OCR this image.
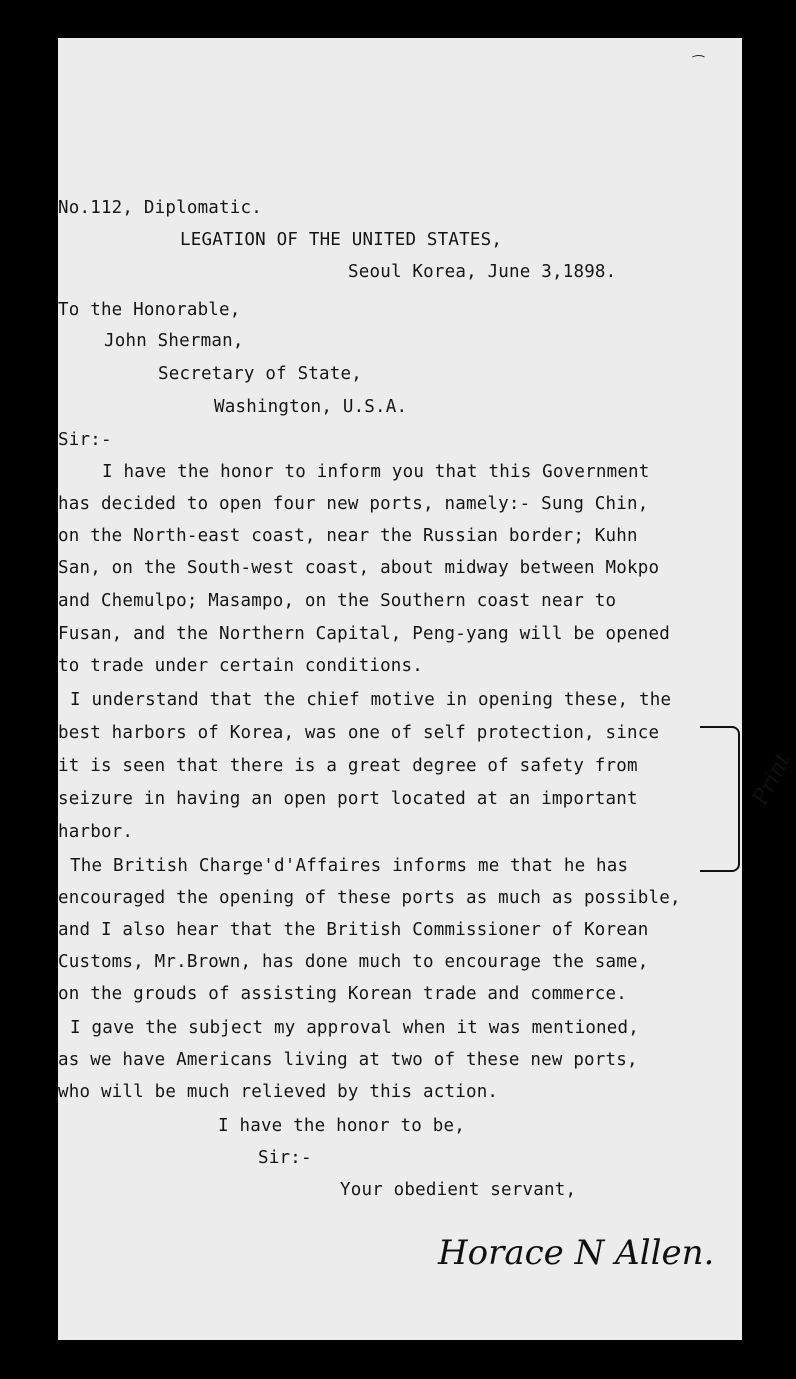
No.112, Diplomatic.
LEGATION OF THE UNITED STATES,
Seoul Korea, June 3,1898.
To the Honorable,
John Sherman,
Secretary of State,
Washington, U.S.A.
Sir:-
I have the honor to inform you that this Government
has decided to open four new ports, namely:- Sung Chin,
on the North-east coast, near the Russian border; Kuhn
San, on the South-west coast, about midway between Mokpo
and Chemulpo; Masampo, on the Southern coast near to
Fusan, and the Northern Capital, Peng-yang will be opened
to trade under certain conditions.
I understand that the chief motive in opening these, the
best harbors of Korea, was one of self protection, since
it is seen that there is a great degree of safety from
seizure in having an open port located at an important
harbor.
The British Charge'd'Affaires informs me that he has
encouraged the opening of these ports as much as possible,
and I also hear that the British Commissioner of Korean
Customs, Mr.Brown, has done much to encourage the same,
on the grouds of assisting Korean trade and commerce.
I gave the subject my approval when it was mentioned,
as we have Americans living at two of these new ports,
who will be much relieved by this action.
I have the honor to be,
Sir:-
Your obedient servant,
Print
⁀
Horace N Allen.
